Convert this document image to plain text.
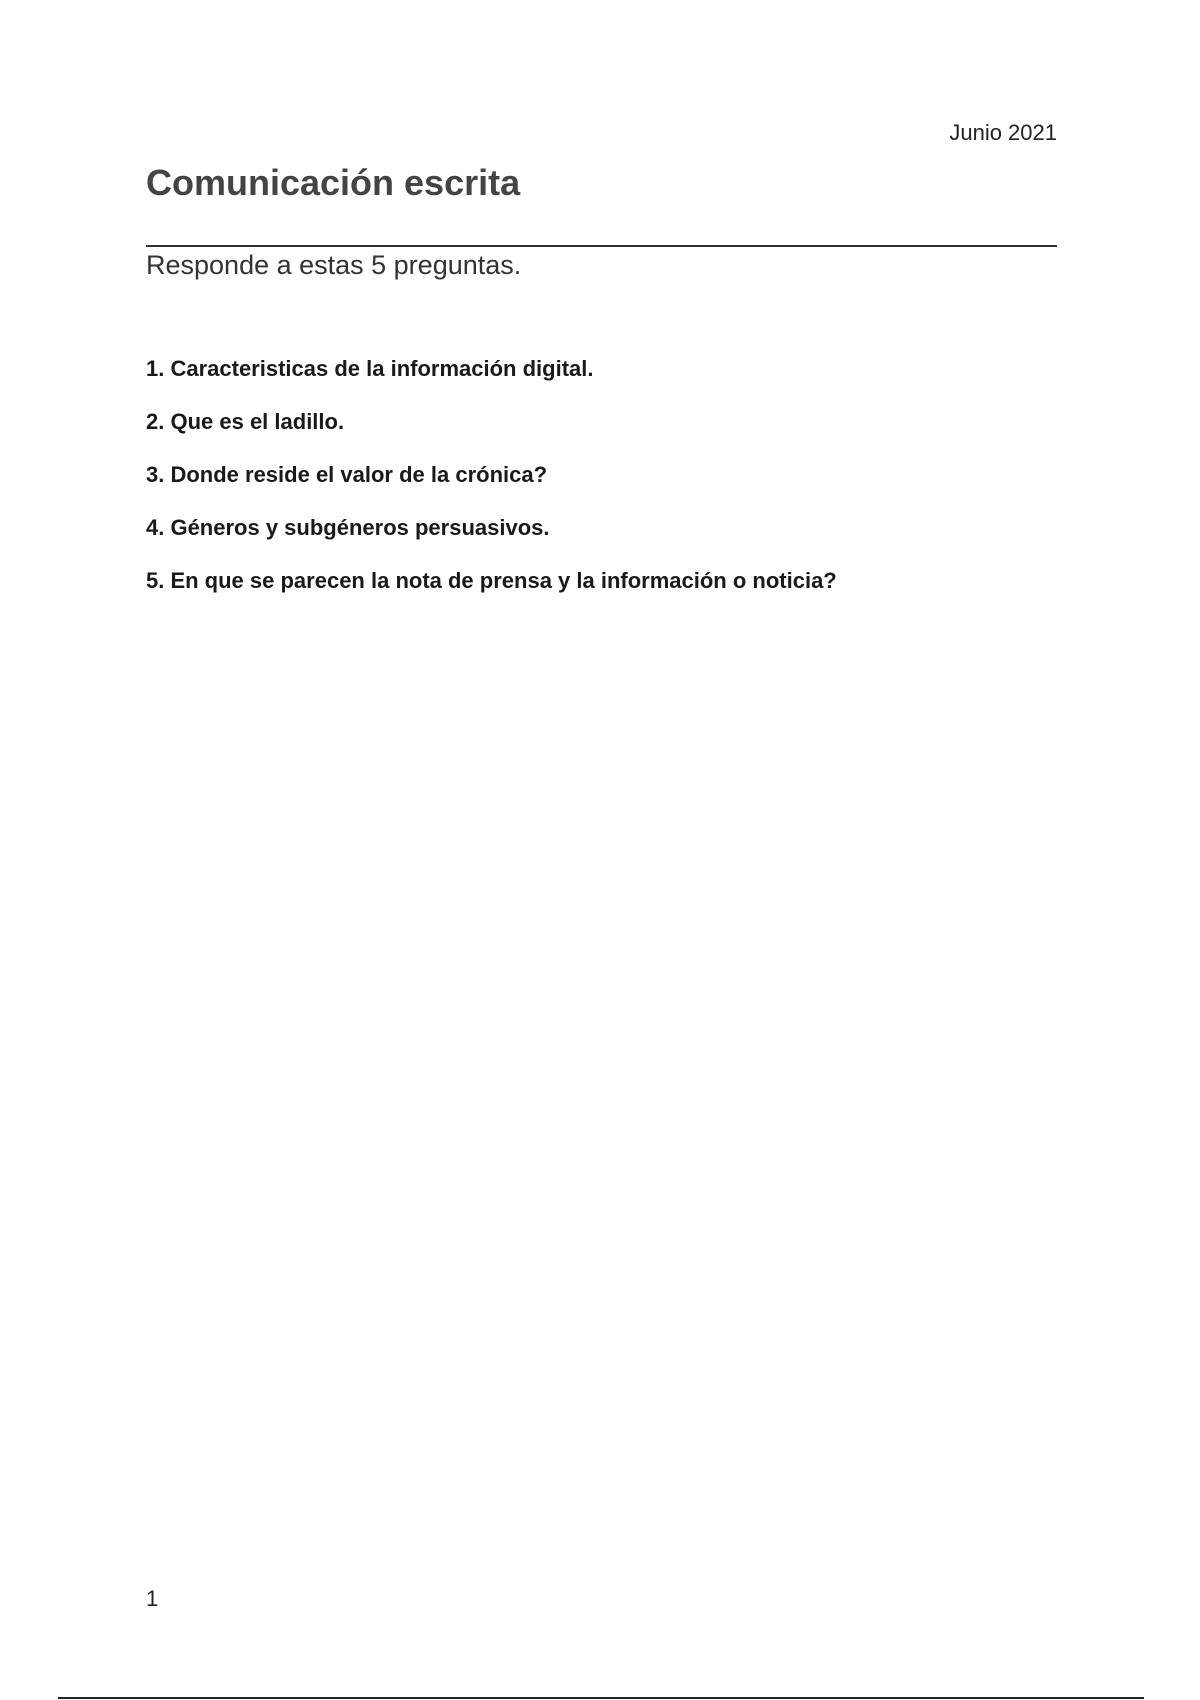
Junio 2021
Comunicación escrita
Responde a estas 5 preguntas.
1. Caracteristicas de la información digital.
2. Que es el ladillo.
3. Donde reside el valor de la crónica?
4. Géneros y subgéneros persuasivos.
5. En que se parecen la nota de prensa y la información o noticia?
1
